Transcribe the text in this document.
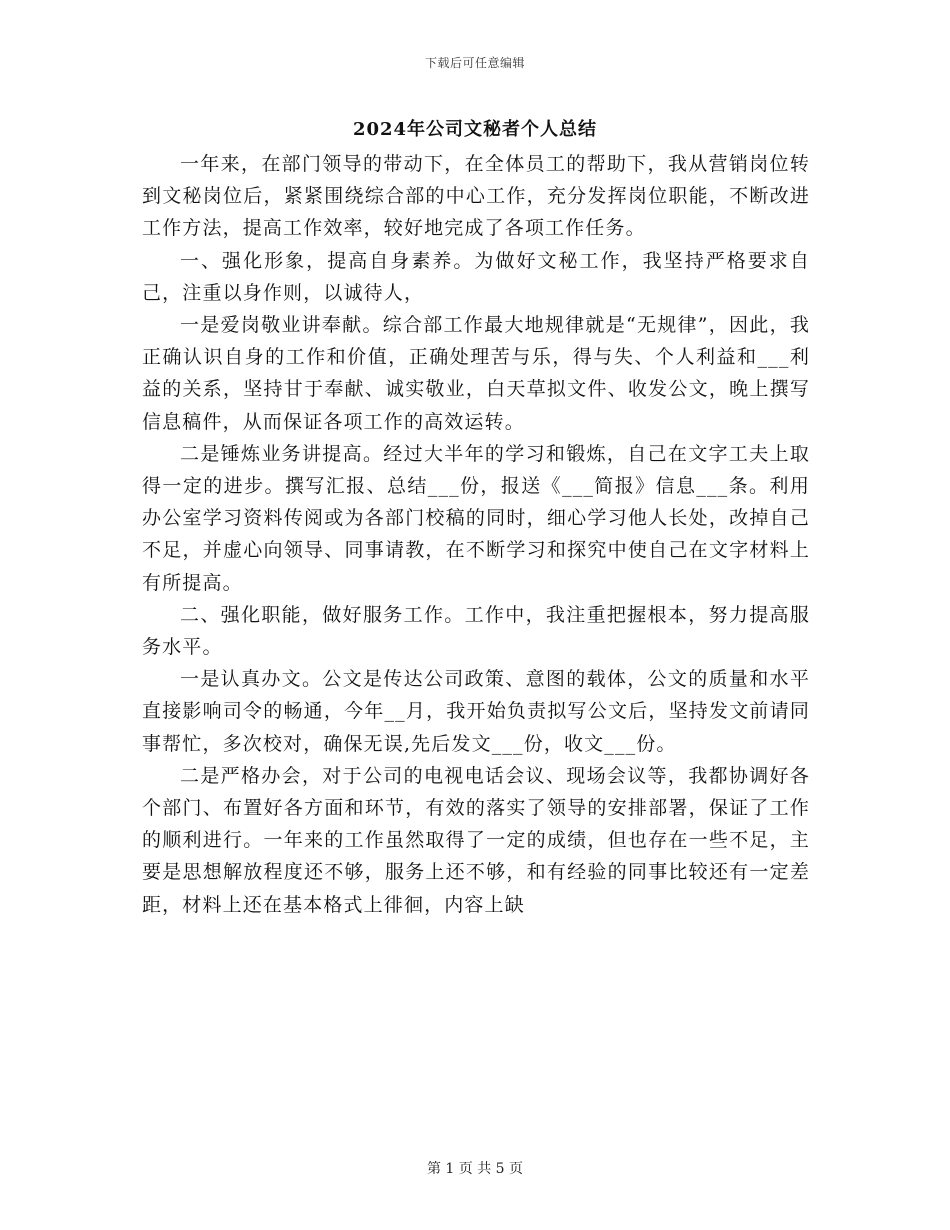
下载后可任意编辑
2024年公司文秘者个人总结

一年来，在部门领导的带动下，在全体员工的帮助下，我从营销岗位转到文秘岗位后，紧紧围绕综合部的中心工作，充分发挥岗位职能，不断改进工作方法，提高工作效率，较好地完成了各项工作任务。

一、强化形象，提高自身素养。为做好文秘工作，我坚持严格要求自己，注重以身作则，以诚待人，

一是爱岗敬业讲奉献。综合部工作最大地规律就是“无规律”，因此，我正确认识自身的工作和价值，正确处理苦与乐，得与失、个人利益和___利益的关系，坚持甘于奉献、诚实敬业，白天草拟文件、收发公文，晚上撰写信息稿件，从而保证各项工作的高效运转。

二是锤炼业务讲提高。经过大半年的学习和锻炼，自己在文字工夫上取得一定的进步。撰写汇报、总结___份，报送《___简报》信息___条。利用办公室学习资料传阅或为各部门校稿的同时，细心学习他人长处，改掉自己不足，并虚心向领导、同事请教，在不断学习和探究中使自己在文字材料上有所提高。

二、强化职能，做好服务工作。工作中，我注重把握根本，努力提高服务水平。

一是认真办文。公文是传达公司政策、意图的载体，公文的质量和水平直接影响司令的畅通，今年__月，我开始负责拟写公文后，坚持发文前请同事帮忙，多次校对，确保无误,先后发文___份，收文___份。

二是严格办会，对于公司的电视电话会议、现场会议等，我都协调好各个部门、布置好各方面和环节，有效的落实了领导的安排部署，保证了工作的顺利进行。一年来的工作虽然取得了一定的成绩，但也存在一些不足，主要是思想解放程度还不够，服务上还不够，和有经验的同事比较还有一定差距，材料上还在基本格式上徘徊，内容上缺

第 1 页 共 5 页
